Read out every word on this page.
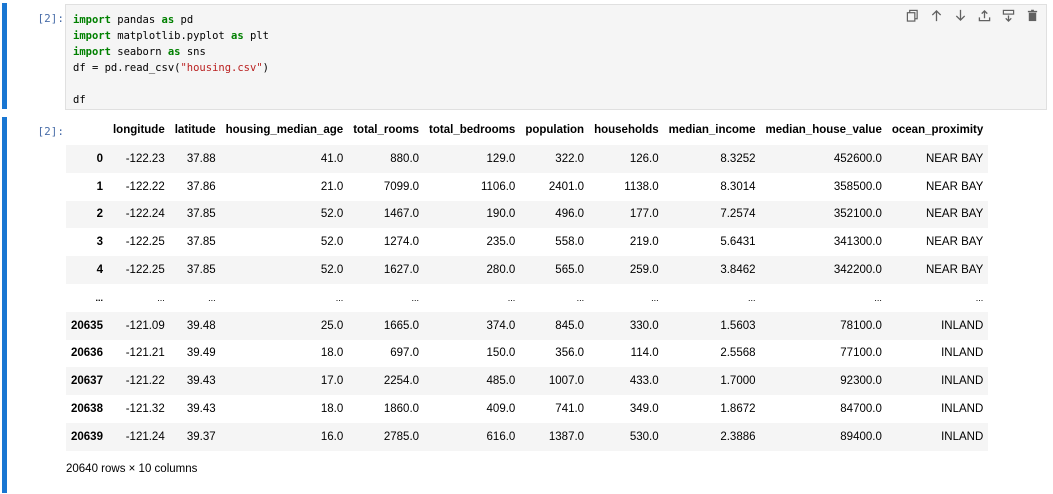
[2]: import pandas as pd
import matplotlib.pyplot as plt
import seaborn as sns
df = pd.read_csv("housing.csv")
df
[2]:
		longitude	latitude	housing_median_age	total_rooms	total_bedrooms	population	households	median_income	median_house_value	ocean_proximity
0	-122.23	37.88	41.0	880.0	129.0	322.0	126.0	8.3252	452600.0	NEAR BAY
1	-122.22	37.86	21.0	7099.0	1106.0	2401.0	1138.0	8.3014	358500.0	NEAR BAY
2	-122.24	37.85	52.0	1467.0	190.0	496.0	177.0	7.2574	352100.0	NEAR BAY
3	-122.25	37.85	52.0	1274.0	235.0	558.0	219.0	5.6431	341300.0	NEAR BAY
4	-122.25	37.85	52.0	1627.0	280.0	565.0	259.0	3.8462	342200.0	NEAR BAY
...	...	...	...	...	...	...	...	...	...	...
20635	-121.09	39.48	25.0	1665.0	374.0	845.0	330.0	1.5603	78100.0	INLAND
20636	-121.21	39.49	18.0	697.0	150.0	356.0	114.0	2.5568	77100.0	INLAND
20637	-121.22	39.43	17.0	2254.0	485.0	1007.0	433.0	1.7000	92300.0	INLAND
20638	-121.32	39.43	18.0	1860.0	409.0	741.0	349.0	1.8672	84700.0	INLAND
20639	-121.24	39.37	16.0	2785.0	616.0	1387.0	530.0	2.3886	89400.0	INLAND
20640 rows × 10 columns
